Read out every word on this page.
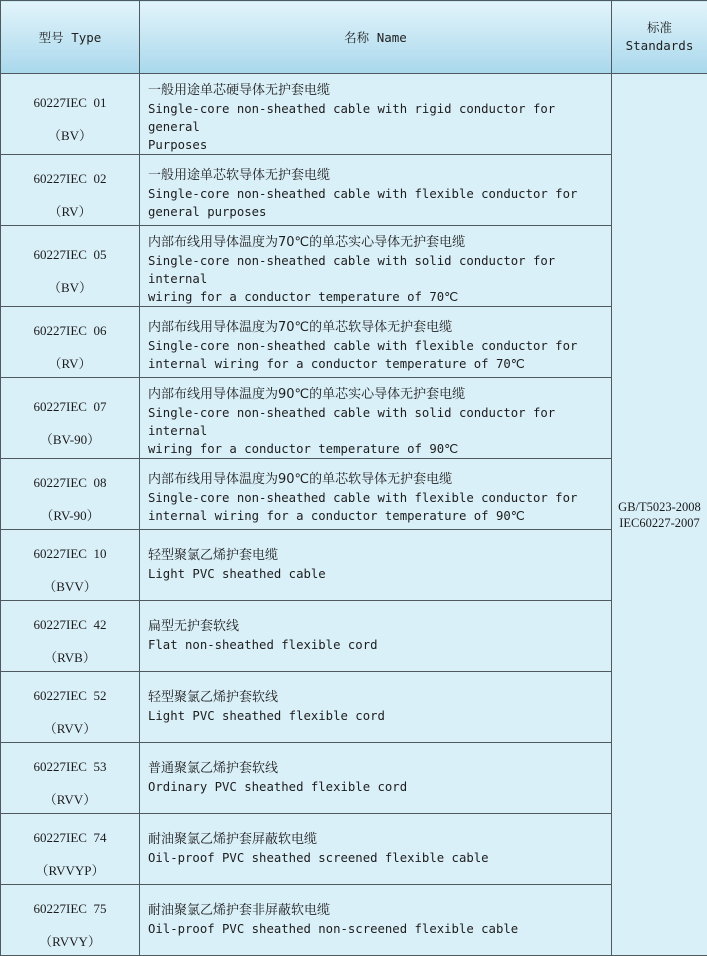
型号 Type	名称 Name	标准
Standards

60227IEC  01
（BV）	一般用途单芯硬导体无护套电缆
Single-core non-sheathed cable with rigid conductor for general
Purposes	GB/T5023-2008
IEC60227-2007

60227IEC  02
（RV）	一般用途单芯软导体无护套电缆
Single-core non-sheathed cable with flexible conductor for
general purposes	

60227IEC  05
（BV）	内部布线用导体温度为70℃的单芯实心导体无护套电缆
Single-core non-sheathed cable with solid conductor for internal
wiring for a conductor temperature of 70℃	

60227IEC  06
（RV）	内部布线用导体温度为70℃的单芯软导体无护套电缆
Single-core non-sheathed cable with flexible conductor for
internal wiring for a conductor temperature of 70℃	

60227IEC  07
（BV-90）	内部布线用导体温度为90℃的单芯实心导体无护套电缆
Single-core non-sheathed cable with solid conductor for internal
wiring for a conductor temperature of 90℃	

60227IEC  08
（RV-90）	内部布线用导体温度为90℃的单芯软导体无护套电缆
Single-core non-sheathed cable with flexible conductor for
internal wiring for a conductor temperature of 90℃	

60227IEC  10
（BVV）	轻型聚氯乙烯护套电缆
Light PVC sheathed cable	

60227IEC  42
（RVB）	扁型无护套软线
Flat non-sheathed flexible cord	

60227IEC  52
（RVV）	轻型聚氯乙烯护套软线
Light PVC sheathed flexible cord	

60227IEC  53
（RVV）	普通聚氯乙烯护套软线
Ordinary PVC sheathed flexible cord	

60227IEC  74
（RVVYP）	耐油聚氯乙烯护套屏蔽软电缆
Oil-proof PVC sheathed screened flexible cable	

60227IEC  75
（RVVY）	耐油聚氯乙烯护套非屏蔽软电缆
Oil-proof PVC sheathed non-screened flexible cable	
